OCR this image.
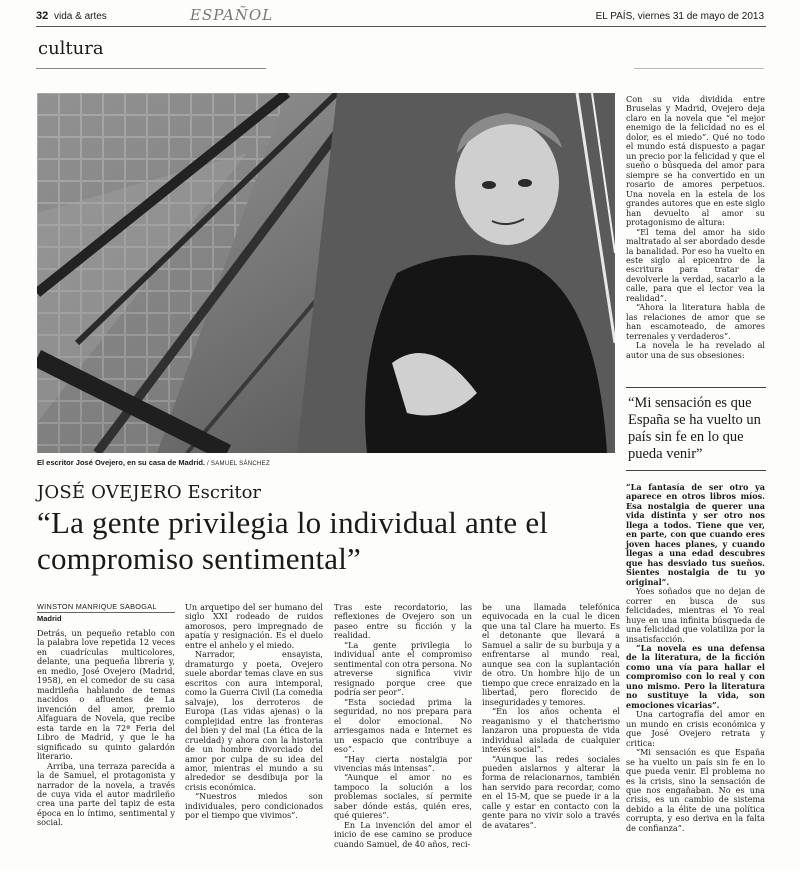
32 vida & artes	ESPAÑOL	EL PAÍS, viernes 31 de mayo de 2013
cultura
El escritor José Ovejero, en su casa de Madrid. / SAMUEL SÁNCHEZ
JOSÉ OVEJERO Escritor
“La gente privilegia lo individual ante el compromiso sentimental”
WINSTON MANRIQUE SABOGAL
Madrid

Detrás, un pequeño retablo con la palabra love repetida 12 veces en cuadrículas multicolores, delante, una pequeña librería y, en medio, José Ovejero (Madrid, 1958), en el comedor de su casa madrileña hablando de temas nacidos o afluentes de La invención del amor, premio Alfaguara de Novela, que recibe esta tarde en la 72ª Feria del Libro de Madrid, y que le ha significado su quinto galardón literario.

Arriba, una terraza parecida a la de Samuel, el protagonista y narrador de la novela, a través de cuya vida el autor madrileño crea una parte del tapiz de esta época en lo íntimo, sentimental y social.

Un arquetipo del ser humano del siglo XXI rodeado de ruidos amorosos, pero impregnado de apatía y resignación. Es el duelo entre el anhelo y el miedo.

Narrador, ensayista, dramaturgo y poeta, Ovejero suele abordar temas clave en sus escritos con aura intemporal, como la Guerra Civil (La comedia salvaje), los derroteros de Europa (Las vidas ajenas) o la complejidad entre las fronteras del bien y del mal (La ética de la crueldad) y ahora con la historia de un hombre divorciado del amor por culpa de su idea del amor, mientras el mundo a su alrededor se desdibuja por la crisis económica.

“Nuestros miedos son individuales, pero condicionados por el tiempo que vivimos”.

Tras este recordatorio, las reflexiones de Ovejero son un paseo entre su ficción y la realidad.

“La gente privilegia lo individual ante el compromiso sentimental con otra persona. No atreverse significa vivir resignado porque cree que podría ser peor”.

“Esta sociedad prima la seguridad, no nos prepara para el dolor emocional. No arriesgamos nada e Internet es un espacio que contribuye a eso”.

“Hay cierta nostalgia por vivencias más intensas”.

“Aunque el amor no es tampoco la solución a los problemas sociales, sí permite saber dónde estás, quién eres, qué quieres”.

En La invención del amor el inicio de ese camino se produce cuando Samuel, de 40 años, reci-

be una llamada telefónica equivocada en la cual le dicen que una tal Clare ha muerto. Es el detonante que llevará a Samuel a salir de su burbuja y a enfrentarse al mundo real, aunque sea con la suplantación de otro. Un hombre hijo de un tiempo que crece enraizado en la libertad, pero florecido de inseguridades y temores.

“En los años ochenta el reaganismo y el thatcherismo lanzaron una propuesta de vida individual aislada de cualquier interés social”.

“Aunque las redes sociales pueden aislarnos y alterar la forma de relacionarnos, también han servido para recordar, como en el 15-M, que se puede ir a la calle y estar en contacto con la gente para no vivir solo a través de avatares”.

Con su vida dividida entre Bruselas y Madrid, Ovejero deja claro en la novela que “el mejor enemigo de la felicidad no es el dolor, es el miedo”. Qué no todo el mundo está dispuesto a pagar un precio por la felicidad y que el sueño o búsqueda del amor para siempre se ha convertido en un rosario de amores perpetuos. Una novela en la estela de los grandes autores que en este siglo han devuelto al amor su protagonismo de altura:

“El tema del amor ha sido maltratado al ser abordado desde la banalidad. Por eso ha vuelto en este siglo al epicentro de la escritura para tratar de devolverle la verdad, sacarlo a la calle, para que el lector vea la realidad”.

“Ahora la literatura habla de las relaciones de amor que se han escamoteado, de amores terrenales y verdaderos”.

La novela le ha revelado al autor una de sus obsesiones:

“Mi sensación es que España se ha vuelto un país sin fe en lo que pueda venir”

“La fantasía de ser otro ya aparece en otros libros míos. Esa nostalgia de querer una vida distinta y ser otro nos llega a todos. Tiene que ver, en parte, con que cuando eres joven haces planes, y cuando llegas a una edad descubres que has desviado tus sueños. Sientes nostalgia de tu yo original”.

Yoes soñados que no dejan de correr en busca de sus felicidades, mientras el Yo real huye en una infinita búsqueda de una felicidad que volatiliza por la insatisfacción.

“La novela es una defensa de la literatura, de la ficción como una vía para hallar el compromiso con lo real y con uno mismo. Pero la literatura no sustituye la vida, son emociones vicarias”.

Una cartografía del amor en un mundo en crisis económica y que José Ovejero retrata y critica:

“Mi sensación es que España se ha vuelto un país sin fe en lo que pueda venir. El problema no es la crisis, sino la sensación de que nos engañaban. No es una crisis, es un cambio de sistema debido a la élite de una política corrupta, y eso deriva en la falta de confianza”.
